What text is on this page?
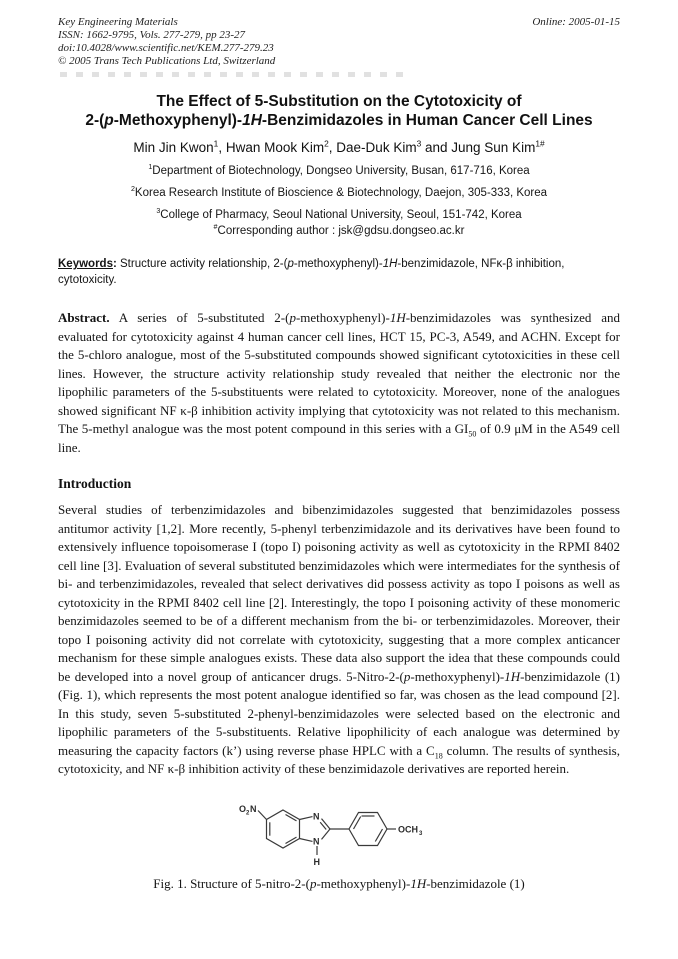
Key Engineering Materials
ISSN: 1662-9795, Vols. 277-279, pp 23-27
doi:10.4028/www.scientific.net/KEM.277-279.23
© 2005 Trans Tech Publications Ltd, Switzerland
Online: 2005-01-15
The Effect of 5-Substitution on the Cytotoxicity of
2-(p-Methoxyphenyl)-1H-Benzimidazoles in Human Cancer Cell Lines
Min Jin Kwon$^1$, Hwan Mook Kim$^2$, Dae-Duk Kim$^3$ and Jung Sun Kim$^{1\#}$
$^1$Department of Biotechnology, Dongseo University, Busan, 617-716, Korea
$^2$Korea Research Institute of Bioscience & Biotechnology, Daejon, 305-333, Korea
$^3$College of Pharmacy, Seoul National University, Seoul, 151-742, Korea
#Corresponding author : jsk@gdsu.dongseo.ac.kr
Keywords: Structure activity relationship, 2-(p-methoxyphenyl)-1H-benzimidazole, NFκ-β inhibition, cytotoxicity.

Abstract. A series of 5-substituted 2-(p-methoxyphenyl)-1H-benzimidazoles was synthesized and evaluated for cytotoxicity against 4 human cancer cell lines, HCT 15, PC-3, A549, and ACHN. Except for the 5-chloro analogue, most of the 5-substituted compounds showed significant cytotoxicities in these cell lines. However, the structure activity relationship study revealed that neither the electronic nor the lipophilic parameters of the 5-substituents were related to cytotoxicity. Moreover, none of the analogues showed significant NF κ-β inhibition activity implying that cytotoxicity was not related to this mechanism. The 5-methyl analogue was the most potent compound in this series with a $GI_{50}$ of 0.9 μM in the A549 cell line.

Introduction

Several studies of terbenzimidazoles and bibenzimidazoles suggested that benzimidazoles possess antitumor activity [1,2]. More recently, 5-phenyl terbenzimidazole and its derivatives have been found to extensively influence topoisomerase I (topo I) poisoning activity as well as cytotoxicity in the RPMI 8402 cell line [3]. Evaluation of several substituted benzimidazoles which were intermediates for the synthesis of bi- and terbenzimidazoles, revealed that select derivatives did possess activity as topo I poisons as well as cytotoxicity in the RPMI 8402 cell line [2]. Interestingly, the topo I poisoning activity of these monomeric benzimidazoles seemed to be of a different mechanism from the bi- or terbenzimidazoles. Moreover, their topo I poisoning activity did not correlate with cytotoxicity, suggesting that a more complex anticancer mechanism for these simple analogues exists. These data also support the idea that these compounds could be developed into a novel group of anticancer drugs. 5-Nitro-2-(p-methoxyphenyl)-1H-benzimidazole (1) (Fig. 1), which represents the most potent analogue identified so far, was chosen as the lead compound [2]. In this study, seven 5-substituted 2-phenyl-benzimidazoles were selected based on the electronic and lipophilic parameters of the 5-substituents. Relative lipophilicity of each analogue was determined by measuring the capacity factors (k’) using reverse phase HPLC with a $C_{18}$ column. The results of synthesis, cytotoxicity, and NF κ-β inhibition activity of these benzimidazole derivatives are reported herein.

O 2 N
N
N
H
OCH 3
Fig. 1. Structure of 5-nitro-2-(p-methoxyphenyl)-1H-benzimidazole (1)
